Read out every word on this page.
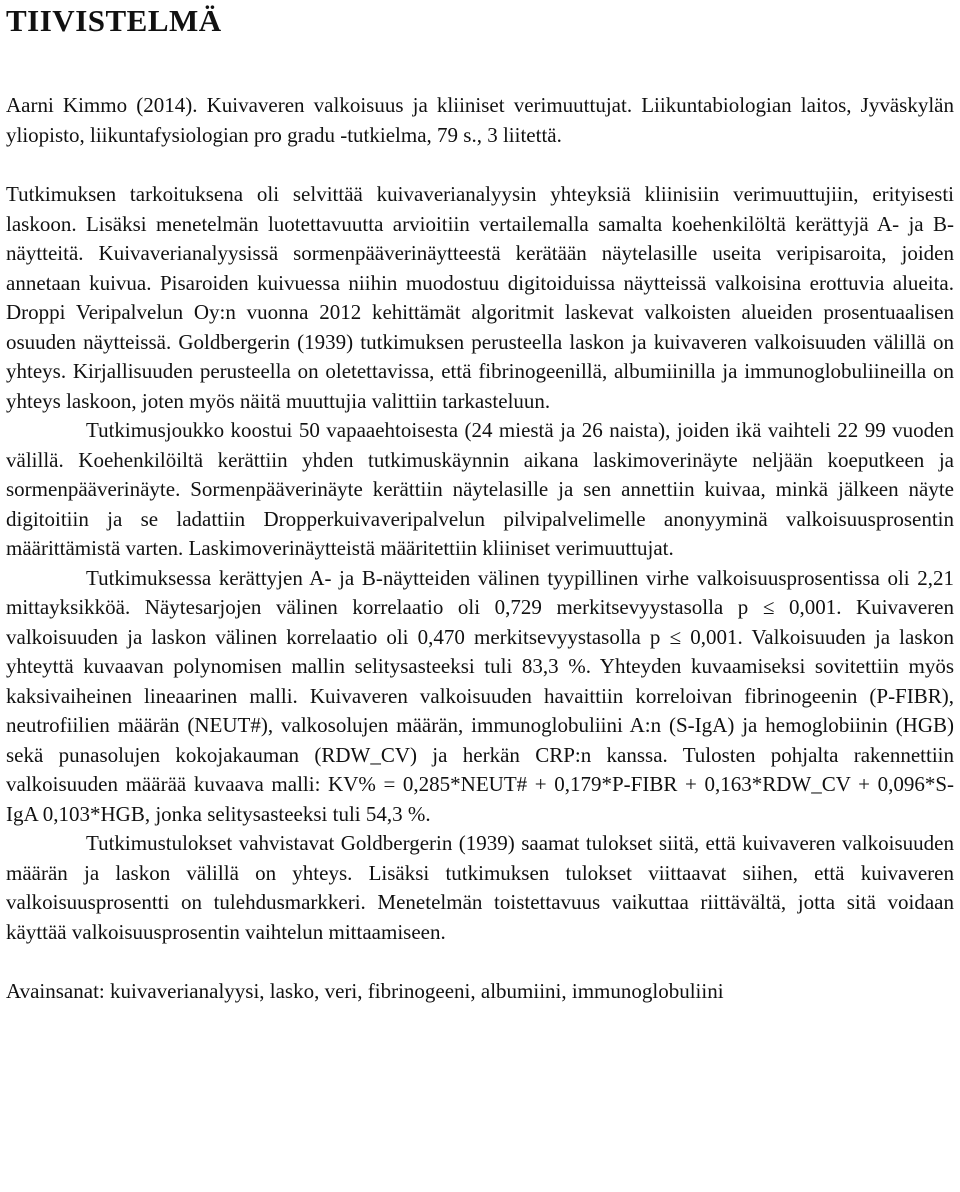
TIIVISTELMÄ

Aarni Kimmo (2014). Kuivaveren valkoisuus ja kliiniset verimuuttujat. Liikuntabiologian laitos, Jyväskylän yliopisto, liikuntafysiologian pro gradu -tutkielma, 79 s., 3 liitettä.

Tutkimuksen tarkoituksena oli selvittää kuivaverianalyysin yhteyksiä kliinisiin verimuuttujiin, erityisesti laskoon. Lisäksi menetelmän luotettavuutta arvioitiin vertailemalla samalta koehenkilöltä kerättyjä A- ja B-näytteitä. Kuivaverianalyysissä sormenpääverinäytteestä kerätään näytelasille useita veripisaroita, joiden annetaan kuivua. Pisaroiden kuivuessa niihin muodostuu digitoiduissa näytteissä valkoisina erottuvia alueita. Droppi Veripalvelun Oy:n vuonna 2012 kehittämät algoritmit laskevat valkoisten alueiden prosentuaalisen osuuden näytteissä. Goldbergerin (1939) tutkimuksen perusteella laskon ja kuivaveren valkoisuuden välillä on yhteys. Kirjallisuuden perusteella on oletettavissa, että fibrinogeenillä, albumiinilla ja immunoglobuliineilla on yhteys laskoon, joten myös näitä muuttujia valittiin tarkasteluun.

Tutkimusjoukko koostui 50 vapaaehtoisesta (24 miestä ja 26 naista), joiden ikä vaihteli 22 99 vuoden välillä. Koehenkilöiltä kerättiin yhden tutkimuskäynnin aikana laskimoverinäyte neljään koeputkeen ja sormenpääverinäyte. Sormenpääverinäyte kerättiin näytelasille ja sen annettiin kuivaa, minkä jälkeen näyte digitoitiin ja se ladattiin Dropperkuivaveripalvelun pilvipalvelimelle anonyyminä valkoisuusprosentin määrittämistä varten. Laskimoverinäytteistä määritettiin kliiniset verimuuttujat.

Tutkimuksessa kerättyjen A- ja B-näytteiden välinen tyypillinen virhe valkoisuusprosentissa oli 2,21 mittayksikköä. Näytesarjojen välinen korrelaatio oli 0,729 merkitsevyystasolla p ≤ 0,001. Kuivaveren valkoisuuden ja laskon välinen korrelaatio oli 0,470 merkitsevyystasolla p ≤ 0,001. Valkoisuuden ja laskon yhteyttä kuvaavan polynomisen mallin selitysasteeksi tuli 83,3 %. Yhteyden kuvaamiseksi sovitettiin myös kaksivaiheinen lineaarinen malli. Kuivaveren valkoisuuden havaittiin korreloivan fibrinogeenin (P-FIBR), neutrofiilien määrän (NEUT#), valkosolujen määrän, immunoglobuliini A:n (S-IgA) ja hemoglobiinin (HGB) sekä punasolujen kokojakauman (RDW_CV) ja herkän CRP:n kanssa. Tulosten pohjalta rakennettiin valkoisuuden määrää kuvaava malli: KV% = 0,285*NEUT# + 0,179*P-FIBR + 0,163*RDW_CV + 0,096*S-IgA 0,103*HGB, jonka selitysasteeksi tuli 54,3 %.

Tutkimustulokset vahvistavat Goldbergerin (1939) saamat tulokset siitä, että kuivaveren valkoisuuden määrän ja laskon välillä on yhteys. Lisäksi tutkimuksen tulokset viittaavat siihen, että kuivaveren valkoisuusprosentti on tulehdusmarkkeri. Menetelmän toistettavuus vaikuttaa riittävältä, jotta sitä voidaan käyttää valkoisuusprosentin vaihtelun mittaamiseen.

Avainsanat: kuivaverianalyysi, lasko, veri, fibrinogeeni, albumiini, immunoglobuliini
